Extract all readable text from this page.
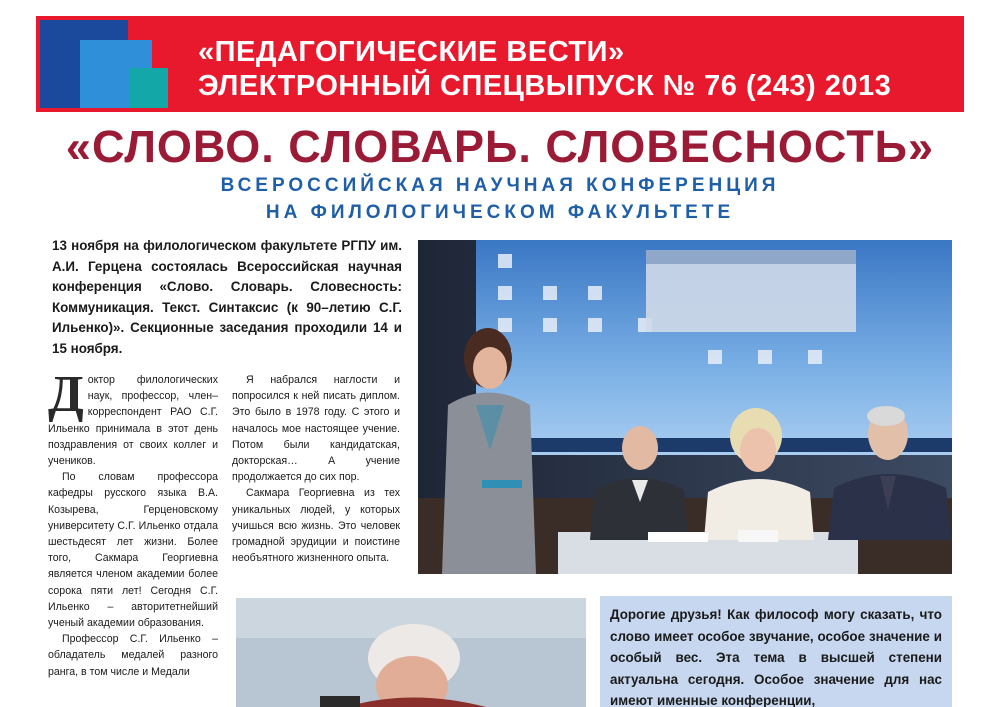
«ПЕДАГОГИЧЕСКИЕ ВЕСТИ»
ЭЛЕКТРОННЫЙ СПЕЦВЫПУСК № 76 (243) 2013
«СЛОВО. СЛОВАРЬ. СЛОВЕСНОСТЬ»
ВСЕРОССИЙСКАЯ НАУЧНАЯ КОНФЕРЕНЦИЯ
НА ФИЛОЛОГИЧЕСКОМ ФАКУЛЬТЕТЕ
13 ноября на филологическом факультете РГПУ им. А.И. Герцена состоялась Всероссийская научная конференция «Слово. Словарь. Словесность: Коммуникация. Текст. Синтаксис (к 90–летию С.Г. Ильенко)». Секционные заседания проходили 14 и 15 ноября.

Доктор филологических наук, профессор, член–корреспондент РАО С.Г. Ильенко принимала в этот день поздравления от своих коллег и учеников.

По словам профессора кафедры русского языка В.А. Козырева, Герценовскому университету С.Г. Ильенко отдала шестьдесят лет жизни. Более того, Сакмара Георгиевна является членом академии более сорока пяти лет! Сегодня С.Г. Ильенко – авторитетнейший ученый академии образования.

Профессор С.Г. Ильенко – обладатель медалей разного ранга, в том числе и Медали

Я набрался наглости и попросился к ней писать диплом. Это было в 1978 году. С этого и началось мое настоящее учение. Потом были кандидатская, докторская… А учение продолжается до сих пор.

Сакмара Георгиевна из тех уникальных людей, у которых учишься всю жизнь. Это человек громадной эрудиции и поистине необъятного жизненного опыта.

Дорогие друзья! Как философ могу сказать, что слово имеет особое звучание, особое значение и особый вес. Эта тема в высшей степени актуальна сегодня. Особое значение для нас имеют именные конференции,
